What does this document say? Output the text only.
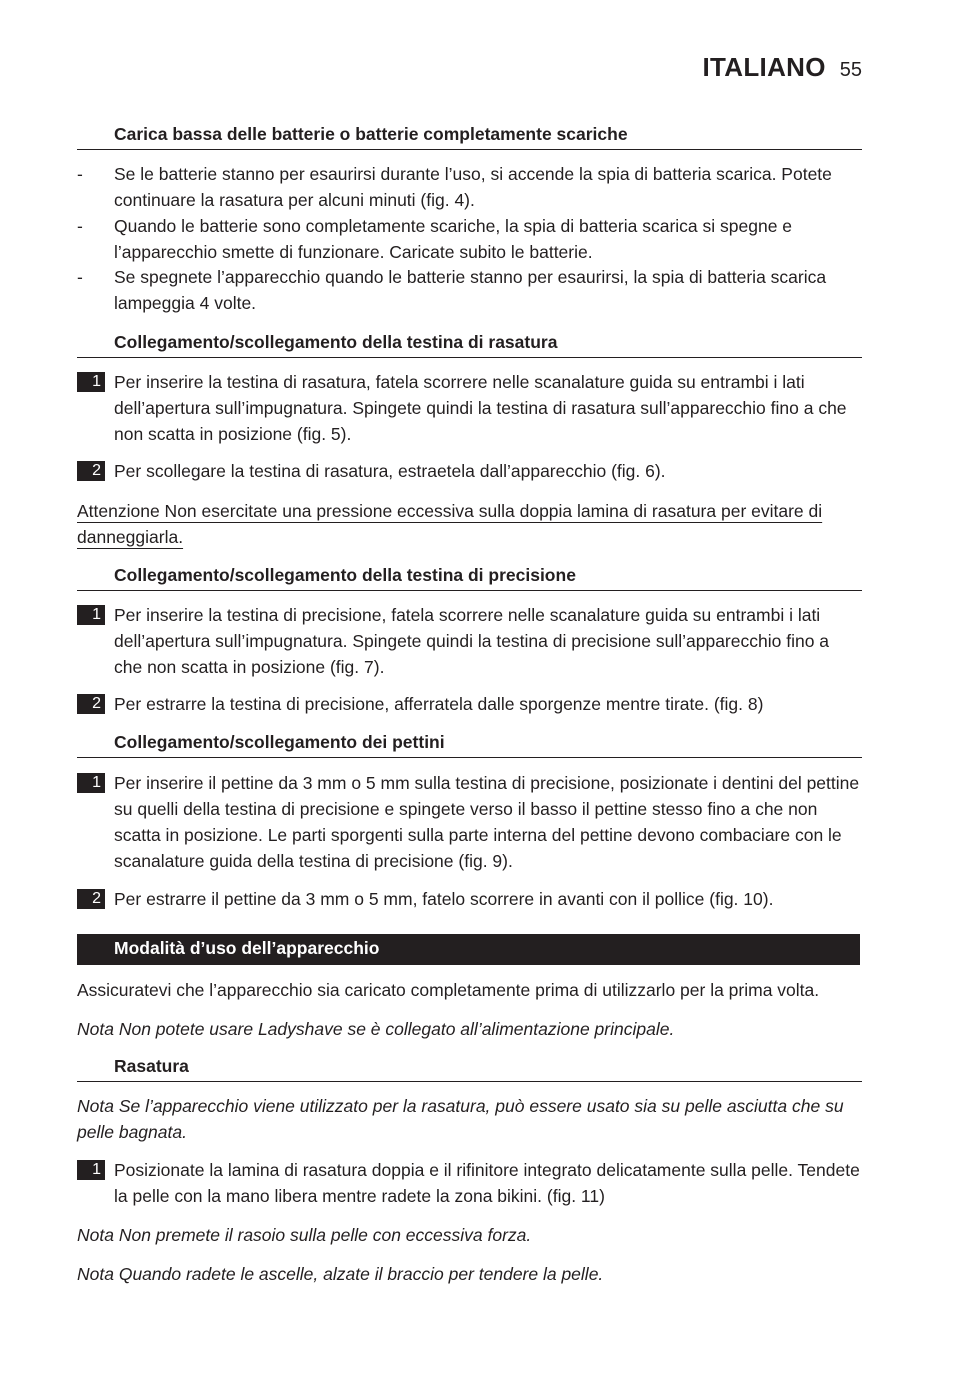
ITALIANO 55
Carica bassa delle batterie o batterie completamente scariche
-	Se le batterie stanno per esaurirsi durante l’uso, si accende la spia di batteria scarica. Potete continuare la rasatura per alcuni minuti (fig. 4).
-	Quando le batterie sono completamente scariche, la spia di batteria scarica si spegne e l’apparecchio smette di funzionare. Caricate subito le batterie.
-	Se spegnete l’apparecchio quando le batterie stanno per esaurirsi, la spia di batteria scarica lampeggia 4 volte.
Collegamento/scollegamento della testina di rasatura
1 Per inserire la testina di rasatura, fatela scorrere nelle scanalature guida su entrambi i lati dell’apertura sull’impugnatura. Spingete quindi la testina di rasatura sull’apparecchio fino a che non scatta in posizione (fig. 5).
2 Per scollegare la testina di rasatura, estraetela dall’apparecchio (fig. 6).
Attenzione Non esercitate una pressione eccessiva sulla doppia lamina di rasatura per evitare di danneggiarla.
Collegamento/scollegamento della testina di precisione
1 Per inserire la testina di precisione, fatela scorrere nelle scanalature guida su entrambi i lati dell’apertura sull’impugnatura. Spingete quindi la testina di precisione sull’apparecchio fino a che non scatta in posizione (fig. 7).
2 Per estrarre la testina di precisione, afferratela dalle sporgenze mentre tirate. (fig. 8)
Collegamento/scollegamento dei pettini
1 Per inserire il pettine da 3 mm o 5 mm sulla testina di precisione, posizionate i dentini del pettine su quelli della testina di precisione e spingete verso il basso il pettine stesso fino a che non scatta in posizione. Le parti sporgenti sulla parte interna del pettine devono combaciare con le scanalature guida della testina di precisione (fig. 9).
2 Per estrarre il pettine da 3 mm o 5 mm, fatelo scorrere in avanti con il pollice (fig. 10).
Modalità d’uso dell’apparecchio
Assicuratevi che l’apparecchio sia caricato completamente prima di utilizzarlo per la prima volta.
Nota Non potete usare Ladyshave se è collegato all’alimentazione principale.
Rasatura
Nota Se l’apparecchio viene utilizzato per la rasatura, può essere usato sia su pelle asciutta che su pelle bagnata.
1 Posizionate la lamina di rasatura doppia e il rifinitore integrato delicatamente sulla pelle. Tendete la pelle con la mano libera mentre radete la zona bikini. (fig. 11)
Nota Non premete il rasoio sulla pelle con eccessiva forza.
Nota Quando radete le ascelle, alzate il braccio per tendere la pelle.
